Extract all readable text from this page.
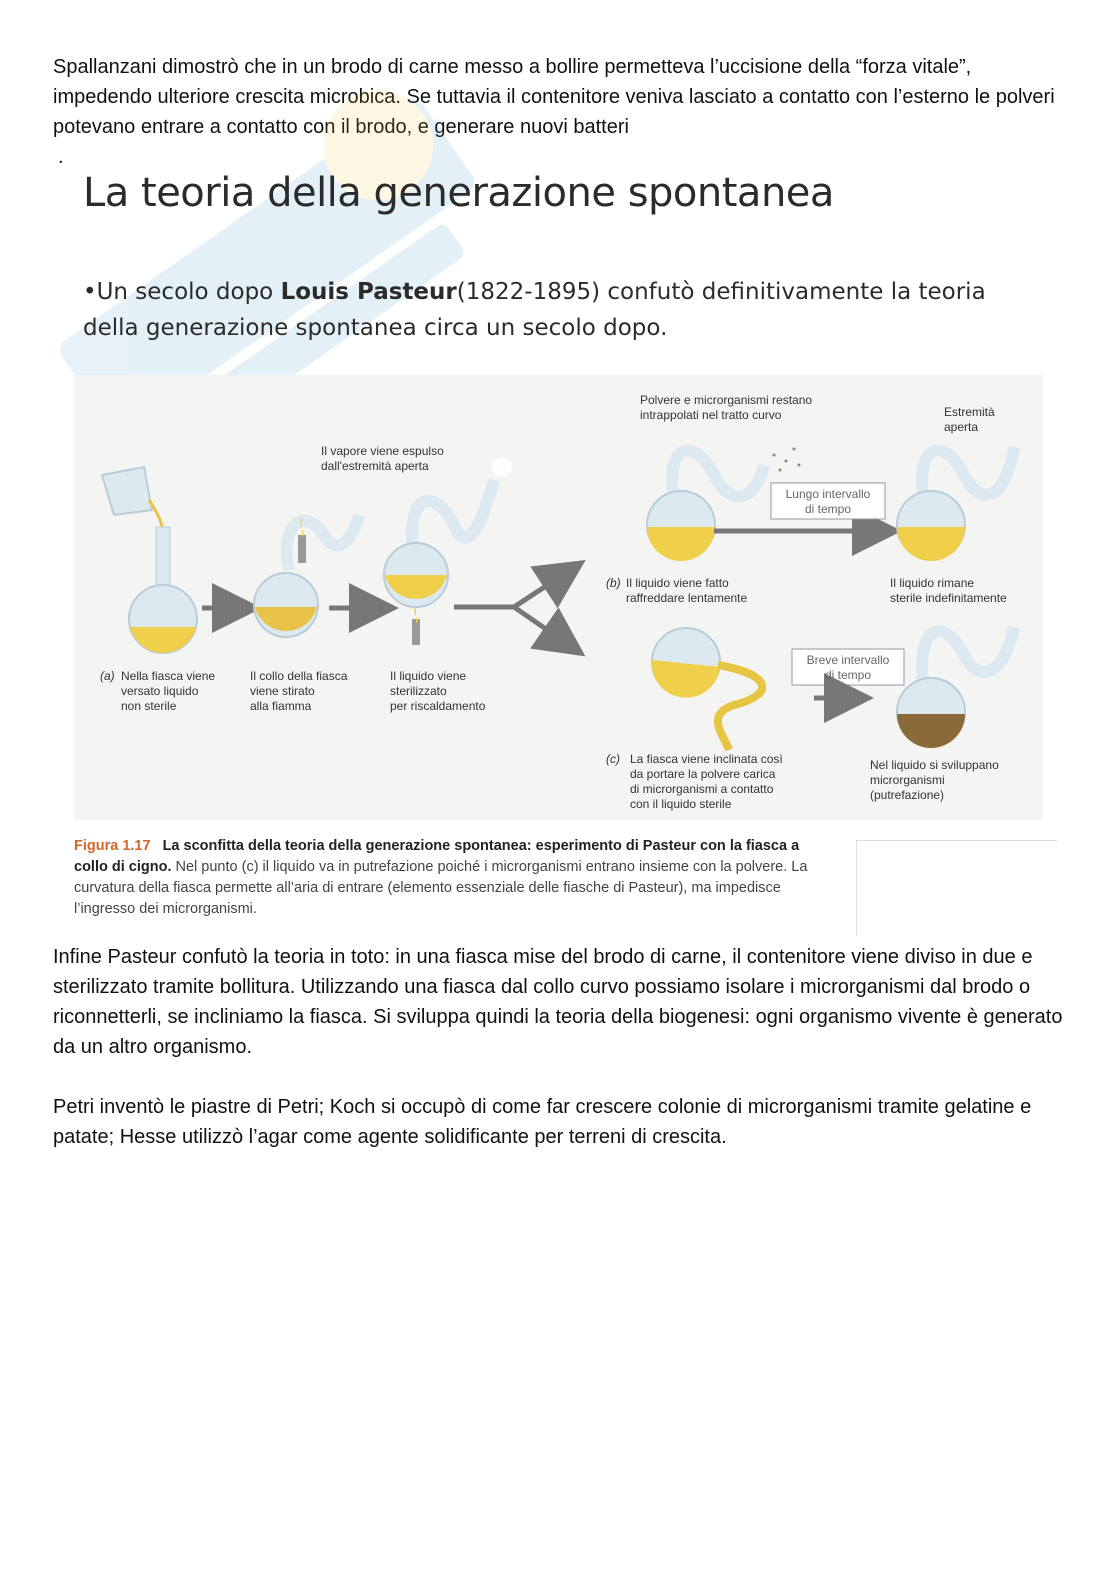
Spallanzani dimostrò che in un brodo di carne messo a bollire permetteva l’uccisione della “forza vitale”, impedendo ulteriore crescita microbica. Se tuttavia il contenitore veniva lasciato a contatto con l’esterno le polveri potevano entrare a contatto con il brodo, e generare nuovi batteri

.
La teoria della generazione spontanea
•Un secolo dopo Louis Pasteur(1822-1895) confutò definitivamente la teoria della generazione spontanea circa un secolo dopo.
(a) Nella fiasca viene
versato liquido
non sterile
Il collo della fiasca
viene stirato
alla fiamma
Il liquido viene
sterilizzato
per riscaldamento
Il vapore viene espulso
dall'estremità aperta
Polvere e microrganismi restano
intrappolati nel tratto curvo	Estremità
aperta
Lungo intervallo
di tempo
(b) Il liquido viene fatto
raffreddare lentamente
Il liquido rimane
sterile indefinitamente
Breve intervallo
di tempo
(c) La fiasca viene inclinata così
da portare la polvere carica
di microrganismi a contatto
con il liquido sterile
Nel liquido si sviluppano
microrganismi
(putrefazione)
Figura 1.17 La sconfitta della teoria della generazione spontanea: esperimento di Pasteur con la fiasca a collo di cigno. Nel punto (c) il liquido va in putrefazione poiché i microrganismi entrano insieme con la polvere. La curvatura della fiasca permette all’aria di entrare (elemento essenziale delle fiasche di Pasteur), ma impedisce l’ingresso dei microrganismi.

Infine Pasteur confutò la teoria in toto: in una fiasca mise del brodo di carne, il contenitore viene diviso in due e sterilizzato tramite bollitura. Utilizzando una fiasca dal collo curvo possiamo isolare i microrganismi dal brodo o riconnetterli, se incliniamo la fiasca. Si sviluppa quindi la teoria della biogenesi: ogni organismo vivente è generato da un altro organismo.

Petri inventò le piastre di Petri; Koch si occupò di come far crescere colonie di microrganismi tramite gelatine e patate; Hesse utilizzò l’agar come agente solidificante per terreni di crescita.
